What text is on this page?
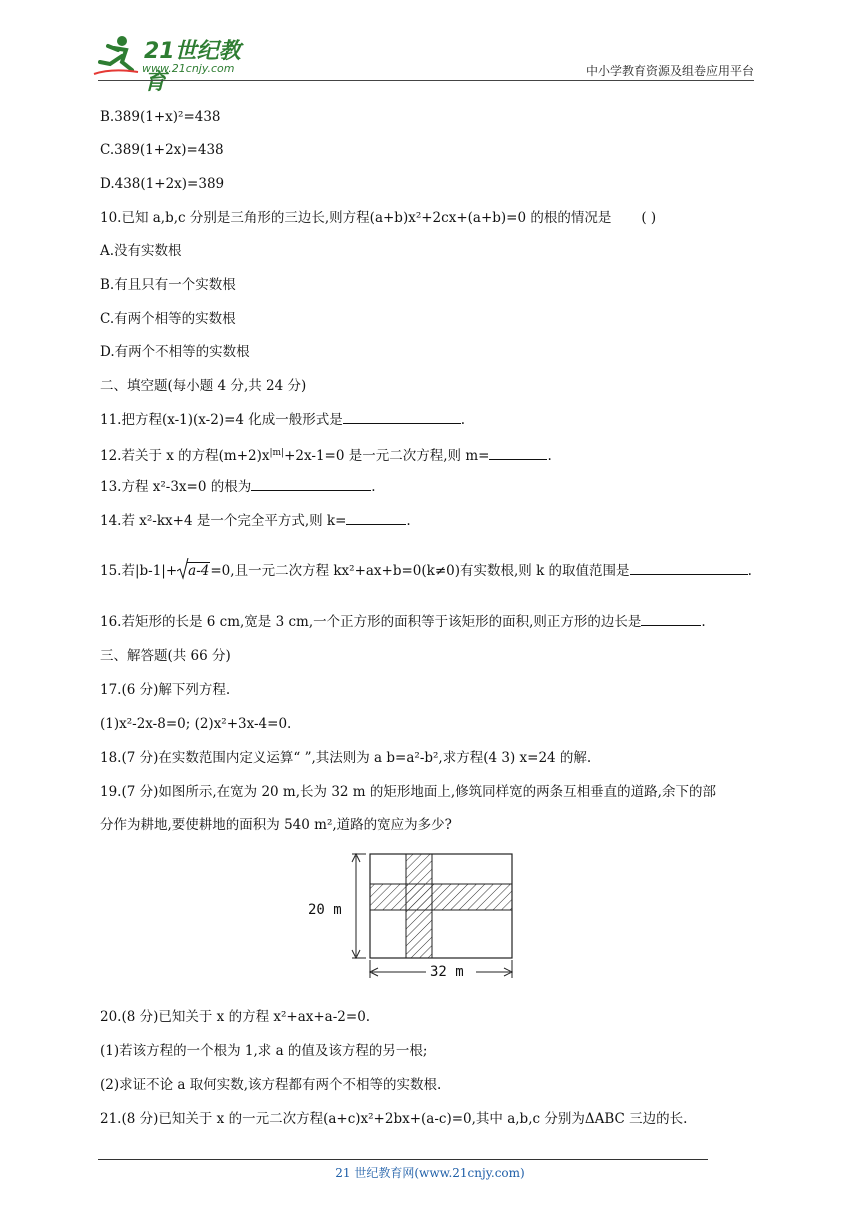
21世纪教育
www.21cnjy.com	中小学教育资源及组卷应用平台
B.389(1+x)²=438
C.389(1+2x)=438
D.438(1+2x)=389
10.已知 a,b,c 分别是三角形的三边长,则方程(a+b)x²+2cx+(a+b)=0 的根的情况是 ( )
A.没有实数根
B.有且只有一个实数根
C.有两个相等的实数根
D.有两个不相等的实数根
二、填空题(每小题 4 分,共 24 分)
11.把方程(x-1)(x-2)=4 化成一般形式是	.
12.若关于 x 的方程$(m+2)x^{|m|}+2x-1=0$ 是一元二次方程,则 m=	.
13.方程 x²-3x=0 的根为	.
14.若 x²-kx+4 是一个完全平方式,则 k=	.
15.若|b-1|+ a-4=0,且一元二次方程 kx²+ax+b=0(k≠0)有实数根,则 k 的取值范围是	.
16.若矩形的长是 6 cm,宽是 3 cm,一个正方形的面积等于该矩形的面积,则正方形的边长是	.
三、解答题(共 66 分)
17.(6 分)解下列方程.
(1)x²-2x-8=0; (2)x²+3x-4=0.
18.(7 分)在实数范围内定义运算“ ”,其法则为 a b=a²-b²,求方程(4 3) x=24 的解.
19.(7 分)如图所示,在宽为 20 m,长为 32 m 的矩形地面上,修筑同样宽的两条互相垂直的道路,余下的部
分作为耕地,要使耕地的面积为 540 m²,道路的宽应为多少?
20 m
32 m
20.(8 分)已知关于 x 的方程 x²+ax+a-2=0.
(1)若该方程的一个根为 1,求 a 的值及该方程的另一根;
(2)求证不论 a 取何实数,该方程都有两个不相等的实数根.
21.(8 分)已知关于 x 的一元二次方程(a+c)x²+2bx+(a-c)=0,其中 a,b,c 分别为ΔABC 三边的长.
21 世纪教育网(www.21cnjy.com)
